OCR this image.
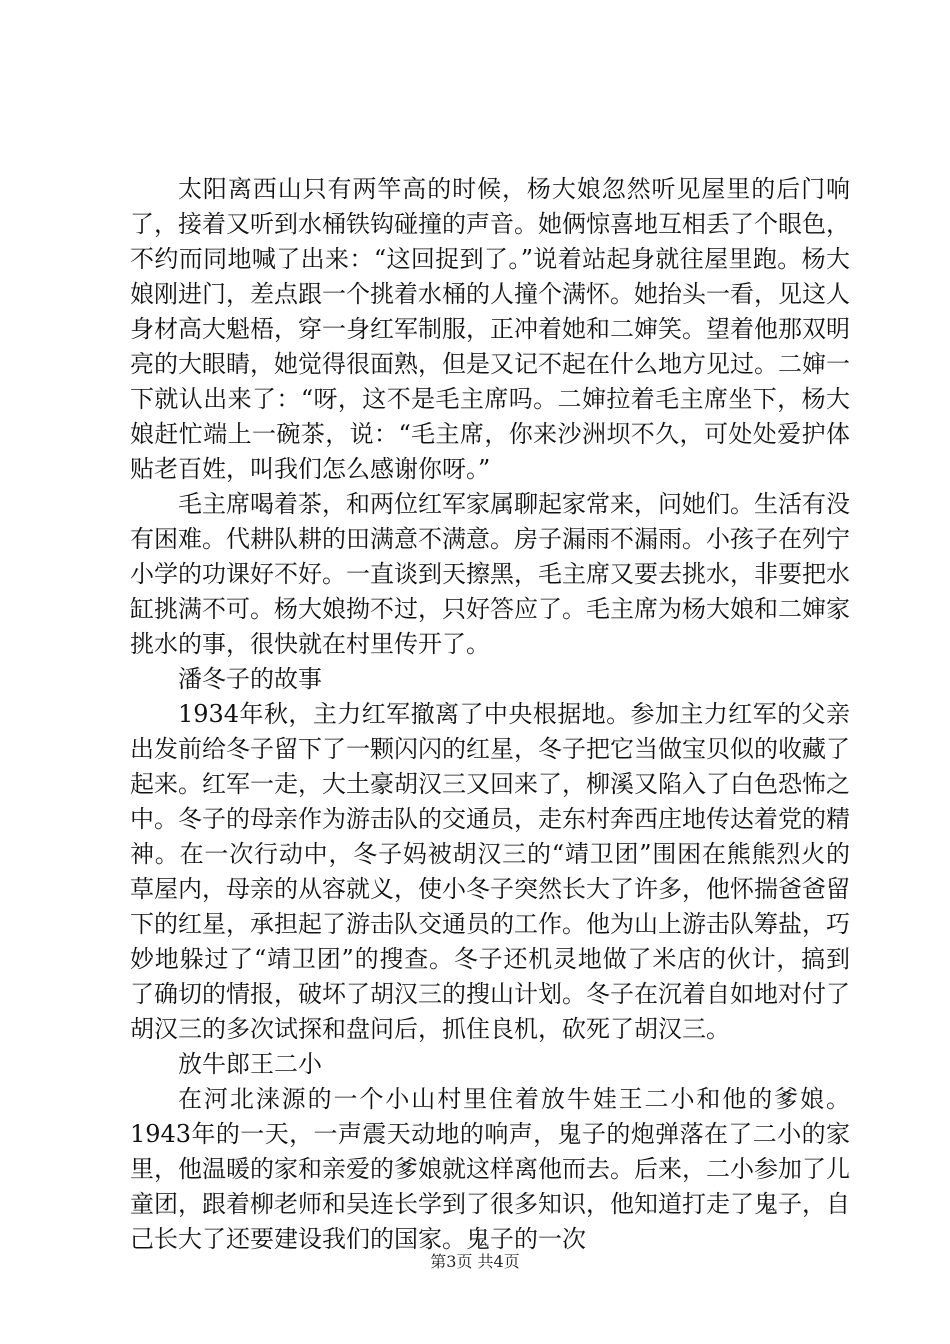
太阳离西山只有两竿高的时候，杨大娘忽然听见屋里的后门响了，接着又听到水桶铁钩碰撞的声音。她俩惊喜地互相丢了个眼色，不约而同地喊了出来：“这回捉到了。”说着站起身就往屋里跑。杨大娘刚进门，差点跟一个挑着水桶的人撞个满怀。她抬头一看，见这人身材高大魁梧，穿一身红军制服，正冲着她和二婶笑。望着他那双明亮的大眼睛，她觉得很面熟，但是又记不起在什么地方见过。二婶一下就认出来了：“呀，这不是毛主席吗。二婶拉着毛主席坐下，杨大娘赶忙端上一碗茶，说：“毛主席，你来沙洲坝不久，可处处爱护体贴老百姓，叫我们怎么感谢你呀。”

毛主席喝着茶，和两位红军家属聊起家常来，问她们。生活有没有困难。代耕队耕的田满意不满意。房子漏雨不漏雨。小孩子在列宁小学的功课好不好。一直谈到天擦黑，毛主席又要去挑水，非要把水缸挑满不可。杨大娘拗不过，只好答应了。毛主席为杨大娘和二婶家挑水的事，很快就在村里传开了。

潘冬子的故事

1934年秋，主力红军撤离了中央根据地。参加主力红军的父亲出发前给冬子留下了一颗闪闪的红星，冬子把它当做宝贝似的收藏了起来。红军一走，大土豪胡汉三又回来了，柳溪又陷入了白色恐怖之中。冬子的母亲作为游击队的交通员，走东村奔西庄地传达着党的精神。在一次行动中，冬子妈被胡汉三的“靖卫团”围困在熊熊烈火的草屋内，母亲的从容就义，使小冬子突然长大了许多，他怀揣爸爸留下的红星，承担起了游击队交通员的工作。他为山上游击队筹盐，巧妙地躲过了“靖卫团”的搜查。冬子还机灵地做了米店的伙计，搞到了确切的情报，破坏了胡汉三的搜山计划。冬子在沉着自如地对付了胡汉三的多次试探和盘问后，抓住良机，砍死了胡汉三。

放牛郎王二小

在河北涞源的一个小山村里住着放牛娃王二小和他的爹娘。1943年的一天，一声震天动地的响声，鬼子的炮弹落在了二小的家里，他温暖的家和亲爱的爹娘就这样离他而去。后来，二小参加了儿童团，跟着柳老师和吴连长学到了很多知识，他知道打走了鬼子，自己长大了还要建设我们的国家。鬼子的一次

第3页 共4页
